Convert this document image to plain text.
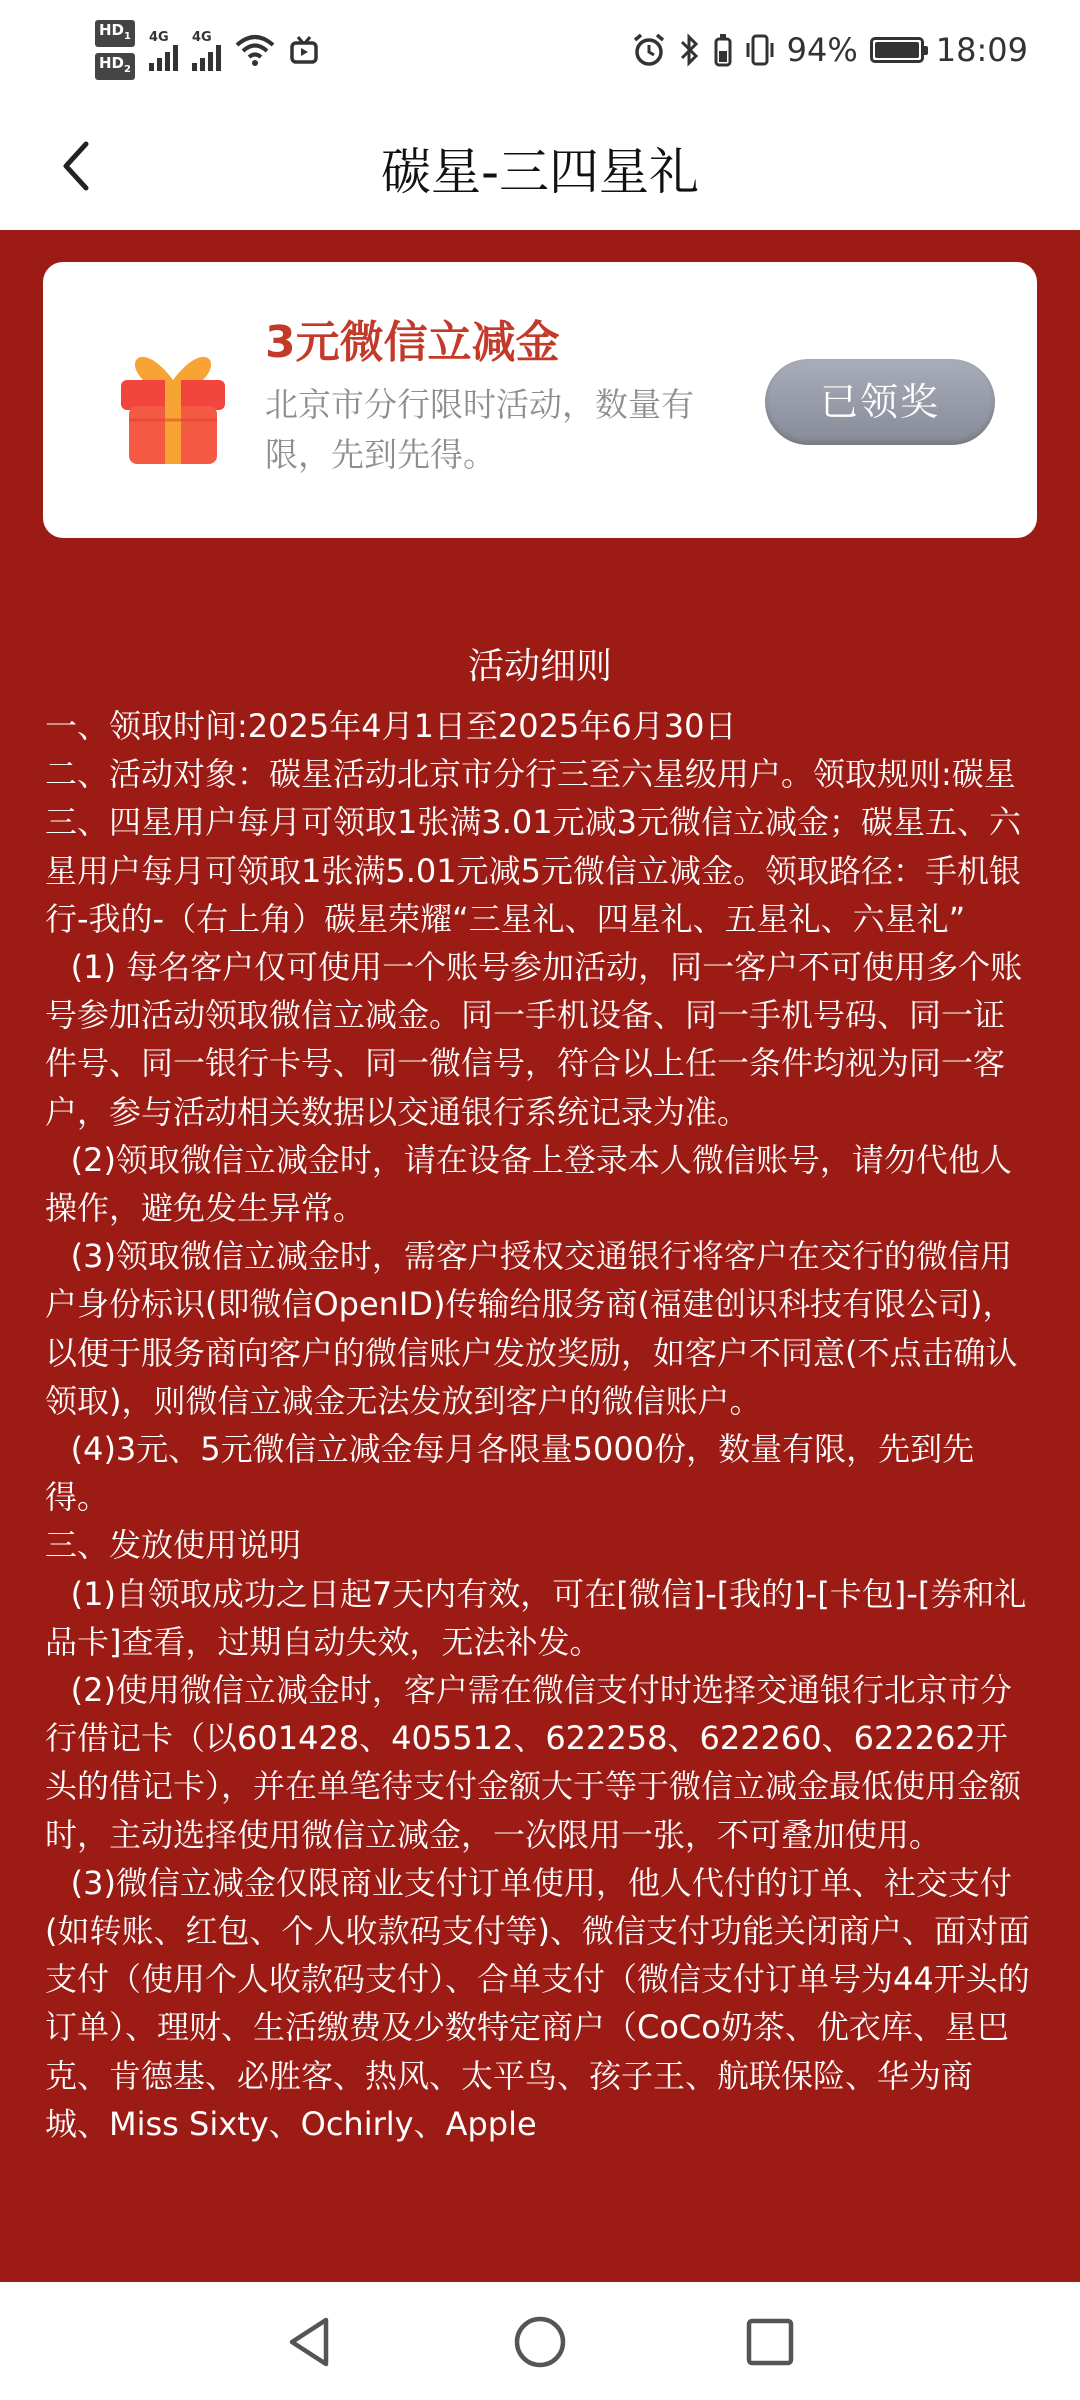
$HD_1$
$HD_2$
4G 4G	94% 18:09
碳星-三四星礼
3元微信立减金
北京市分行限时活动，数量有限，先到先得。
已领奖
活动细则

一、领取时间:2025年4月1日至2025年6月30日

二、活动对象：碳星活动北京市分行三至六星级用户。领取规则:碳星三、四星用户每月可领取1张满3.01元减3元微信立减金；碳星五、六星用户每月可领取1张满5.01元减5元微信立减金。领取路径：手机银行-我的-（右上角）碳星荣耀“三星礼、四星礼、五星礼、六星礼”

(1) 每名客户仅可使用一个账号参加活动，同一客户不可使用多个账号参加活动领取微信立减金。同一手机设备、同一手机号码、同一证件号、同一银行卡号、同一微信号，符合以上任一条件均视为同一客户，参与活动相关数据以交通银行系统记录为准。

(2)领取微信立减金时，请在设备上登录本人微信账号，请勿代他人操作，避免发生异常。

(3)领取微信立减金时，需客户授权交通银行将客户在交行的微信用户身份标识(即微信OpenID)传输给服务商(福建创识科技有限公司)，以便于服务商向客户的微信账户发放奖励，如客户不同意(不点击确认领取)，则微信立减金无法发放到客户的微信账户。

(4)3元、5元微信立减金每月各限量5000份，数量有限，先到先得。

三、发放使用说明

(1)自领取成功之日起7天内有效，可在[微信]-[我的]-[卡包]-[券和礼品卡]查看，过期自动失效，无法补发。

(2)使用微信立减金时，客户需在微信支付时选择交通银行北京市分行借记卡（以601428、405512、622258、622260、622262开头的借记卡），并在单笔待支付金额大于等于微信立减金最低使用金额时，主动选择使用微信立减金，一次限用一张，不可叠加使用。

(3)微信立减金仅限商业支付订单使用，他人代付的订单、社交支付(如转账、红包、个人收款码支付等)、微信支付功能关闭商户、面对面支付（使用个人收款码支付）、合单支付（微信支付订单号为44开头的订单）、理财、生活缴费及少数特定商户（CoCo奶茶、优衣库、星巴克、肯德基、必胜客、热风、太平鸟、孩子王、航联保险、华为商城、Miss Sixty、Ochirly、Apple
